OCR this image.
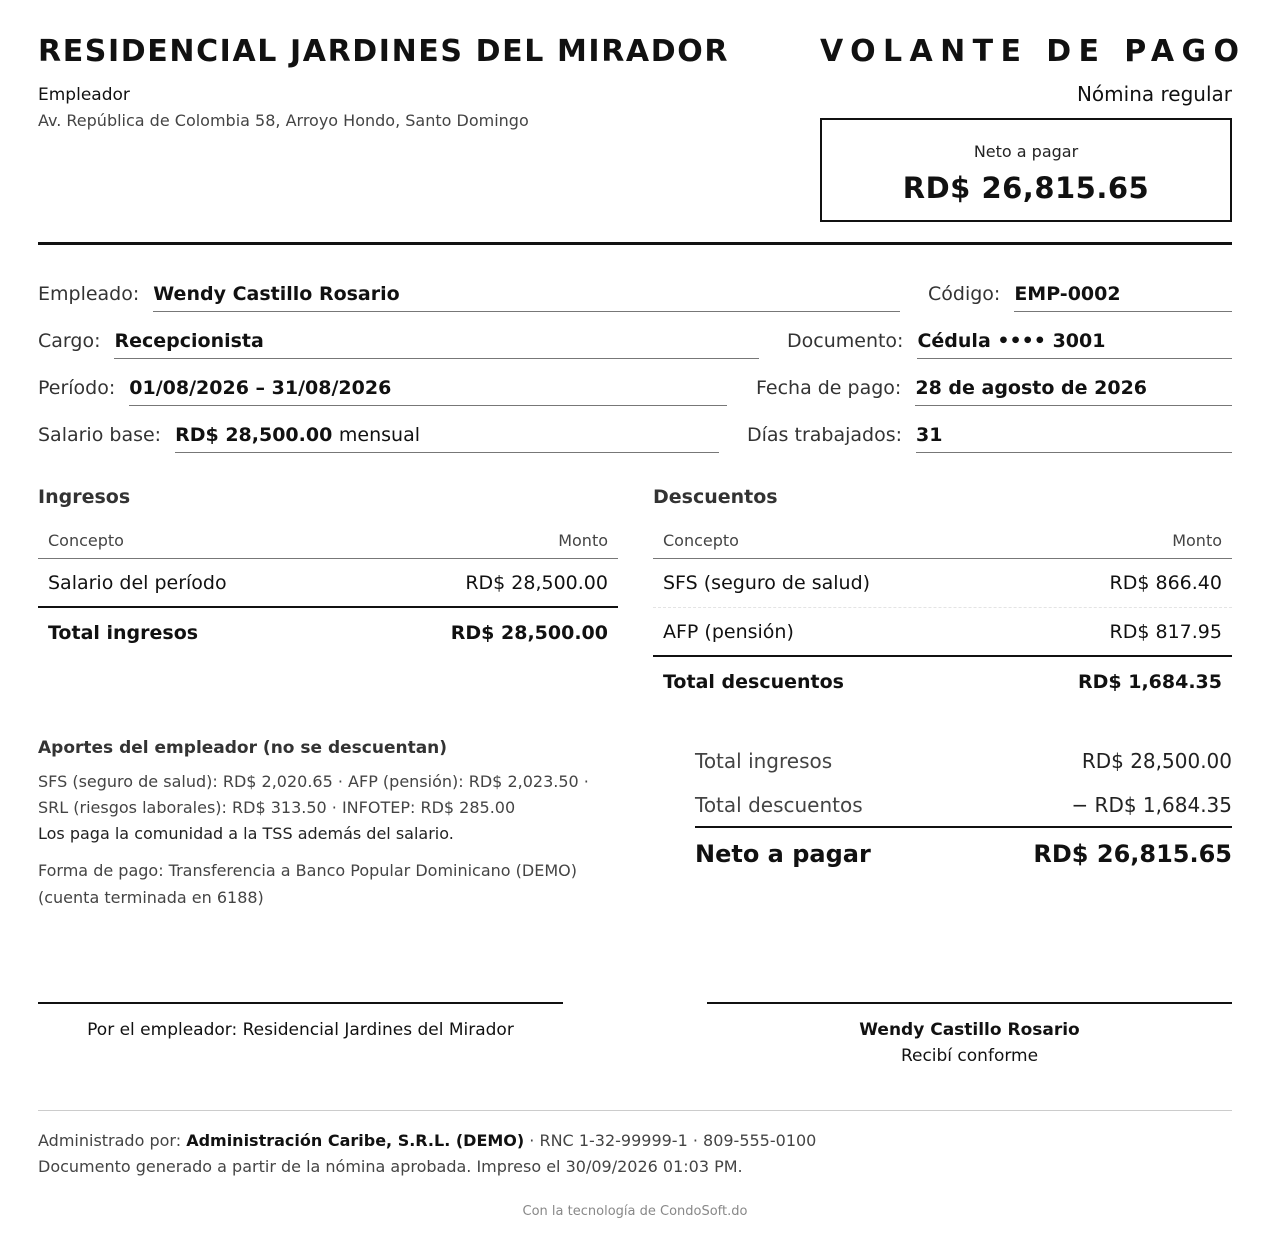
RESIDENCIAL JARDINES DEL MIRADOR
Empleador
Av. República de Colombia 58, Arroyo Hondo, Santo Domingo
VOLANTE DE PAGO
Nómina regular
Neto a pagar
RD$ 26,815.65
Empleado: Wendy Castillo Rosario	Código: EMP-0002
Cargo: Recepcionista	Documento: Cédula •••• 3001
Período: 01/08/2026 – 31/08/2026	Fecha de pago: 28 de agosto de 2026
Salario base: RD$ 28,500.00 mensual	Días trabajados: 31
Ingresos
Concepto	Monto
Salario del período	RD$ 28,500.00
Total ingresos	RD$ 28,500.00
Descuentos
Concepto	Monto
SFS (seguro de salud)	RD$ 866.40
AFP (pensión)	RD$ 817.95
Total descuentos	RD$ 1,684.35
Aportes del empleador (no se descuentan)
SFS (seguro de salud): RD$ 2,020.65 · AFP (pensión): RD$ 2,023.50 ·
SRL (riesgos laborales): RD$ 313.50 · INFOTEP: RD$ 285.00
Los paga la comunidad a la TSS además del salario.
Forma de pago: Transferencia a Banco Popular Dominicano (DEMO)
(cuenta terminada en 6188)
Total ingresos	RD$ 28,500.00
Total descuentos	− RD$ 1,684.35
Neto a pagar	RD$ 26,815.65
Por el empleador: Residencial Jardines del Mirador	Wendy Castillo Rosario
Recibí conforme
Administrado por: Administración Caribe, S.R.L. (DEMO) · RNC 1-32-99999-1 · 809-555-0100
Documento generado a partir de la nómina aprobada. Impreso el 30/09/2026 01:03 PM.
Con la tecnología de CondoSoft.do
